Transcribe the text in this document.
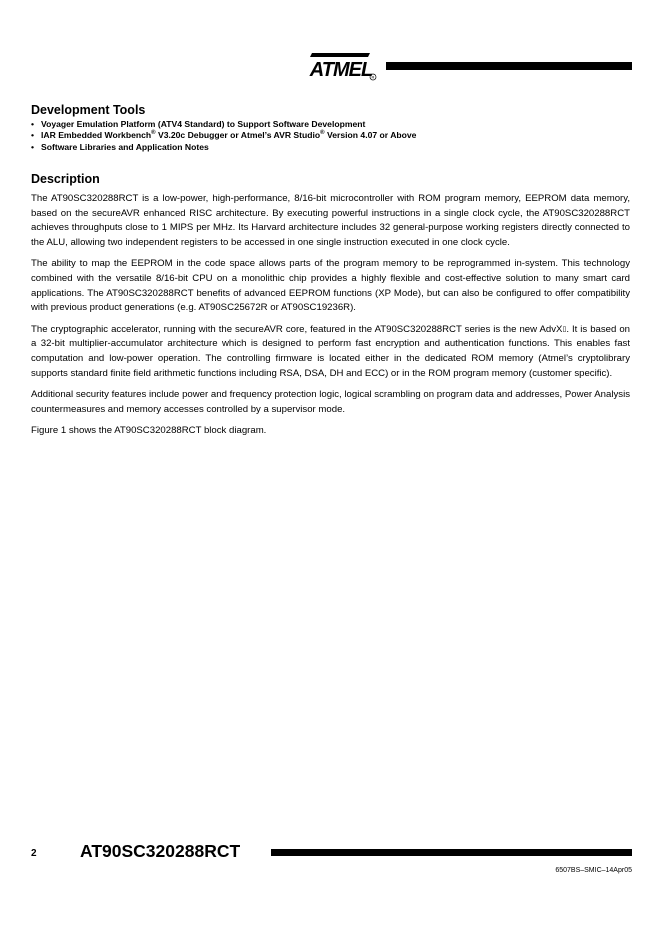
ATMEL R
Development Tools
• Voyager Emulation Platform (ATV4 Standard) to Support Software Development
• IAR Embedded Workbench® V3.20c Debugger or Atmel’s AVR Studio® Version 4.07 or Above
• Software Libraries and Application Notes
Description

The AT90SC320288RCT is a low-power, high-performance, 8/16-bit microcontroller with ROM program memory, EEPROM data memory, based on the secureAVR enhanced RISC architecture. By executing powerful instructions in a single clock cycle, the AT90SC320288RCT achieves throughputs close to 1 MIPS per MHz. Its Harvard architecture includes 32 general-purpose working registers directly connected to the ALU, allowing two independent registers to be accessed in one single instruction executed in one clock cycle.

The ability to map the EEPROM in the code space allows parts of the program memory to be reprogrammed in-system. This technology combined with the versatile 8/16-bit CPU on a monolithic chip provides a highly flexible and cost-effective solution to many smart card applications. The AT90SC320288RCT benefits of advanced EEPROM functions (XP Mode), but can also be configured to offer compatibility with previous product generations (e.g. AT90SC25672R or AT90SC19236R).

The cryptographic accelerator, running with the secureAVR core, featured in the AT90SC320288RCT series is the new AdvX▯. It is based on a 32-bit multiplier-accumulator architecture which is designed to perform fast encryption and authentication functions. This enables fast computation and low-power operation. The controlling firmware is located either in the dedicated ROM memory (Atmel’s cryptolibrary supports standard finite field arithmetic functions including RSA, DSA, DH and ECC) or in the ROM program memory (customer specific).

Additional security features include power and frequency protection logic, logical scrambling on program data and addresses, Power Analysis countermeasures and memory accesses controlled by a supervisor mode.

Figure 1 shows the AT90SC320288RCT block diagram.

2 AT90SC320288RCT
6507BS–SMIC–14Apr05
